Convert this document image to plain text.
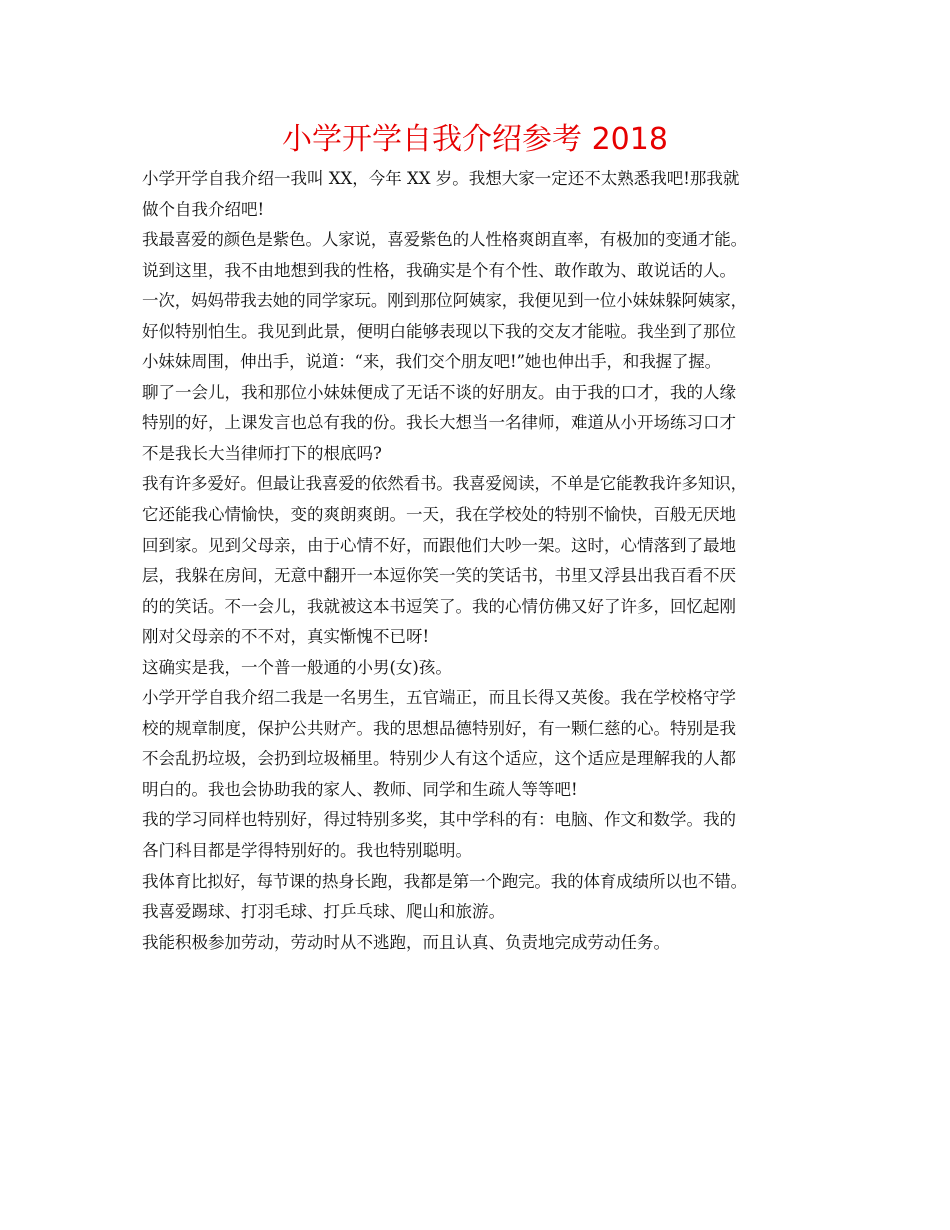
小学开学自我介绍参考 2018
小学开学自我介绍一我叫 XX，今年 XX 岁。我想大家一定还不太熟悉我吧!那我就
做个自我介绍吧!
我最喜爱的颜色是紫色。人家说，喜爱紫色的人性格爽朗直率，有极加的变通才能。
说到这里，我不由地想到我的性格，我确实是个有个性、敢作敢为、敢说话的人。
一次，妈妈带我去她的同学家玩。刚到那位阿姨家，我便见到一位小妹妹躲阿姨家，
好似特别怕生。我见到此景，便明白能够表现以下我的交友才能啦。我坐到了那位
小妹妹周围，伸出手，说道：“来，我们交个朋友吧!”她也伸出手，和我握了握。
聊了一会儿，我和那位小妹妹便成了无话不谈的好朋友。由于我的口才，我的人缘
特别的好，上课发言也总有我的份。我长大想当一名律师，难道从小开场练习口才
不是我长大当律师打下的根底吗?
我有许多爱好。但最让我喜爱的依然看书。我喜爱阅读，不单是它能教我许多知识，
它还能我心情愉快，变的爽朗爽朗。一天，我在学校处的特别不愉快，百般无厌地
回到家。见到父母亲，由于心情不好，而跟他们大吵一架。这时，心情落到了最地
层，我躲在房间，无意中翻开一本逗你笑一笑的笑话书，书里又浮县出我百看不厌
的的笑话。不一会儿，我就被这本书逗笑了。我的心情仿佛又好了许多，回忆起刚
刚对父母亲的不不对，真实惭愧不已呀!
这确实是我，一个普一般通的小男(女)孩。
小学开学自我介绍二我是一名男生，五官端正，而且长得又英俊。我在学校格守学
校的规章制度，保护公共财产。我的思想品德特别好，有一颗仁慈的心。特别是我
不会乱扔垃圾，会扔到垃圾桶里。特别少人有这个适应，这个适应是理解我的人都
明白的。我也会协助我的家人、教师、同学和生疏人等等吧!
我的学习同样也特别好，得过特别多奖，其中学科的有：电脑、作文和数学。我的
各门科目都是学得特别好的。我也特别聪明。
我体育比拟好，每节课的热身长跑，我都是第一个跑完。我的体育成绩所以也不错。
我喜爱踢球、打羽毛球、打乒乓球、爬山和旅游。
我能积极参加劳动，劳动时从不逃跑，而且认真、负责地完成劳动任务。
